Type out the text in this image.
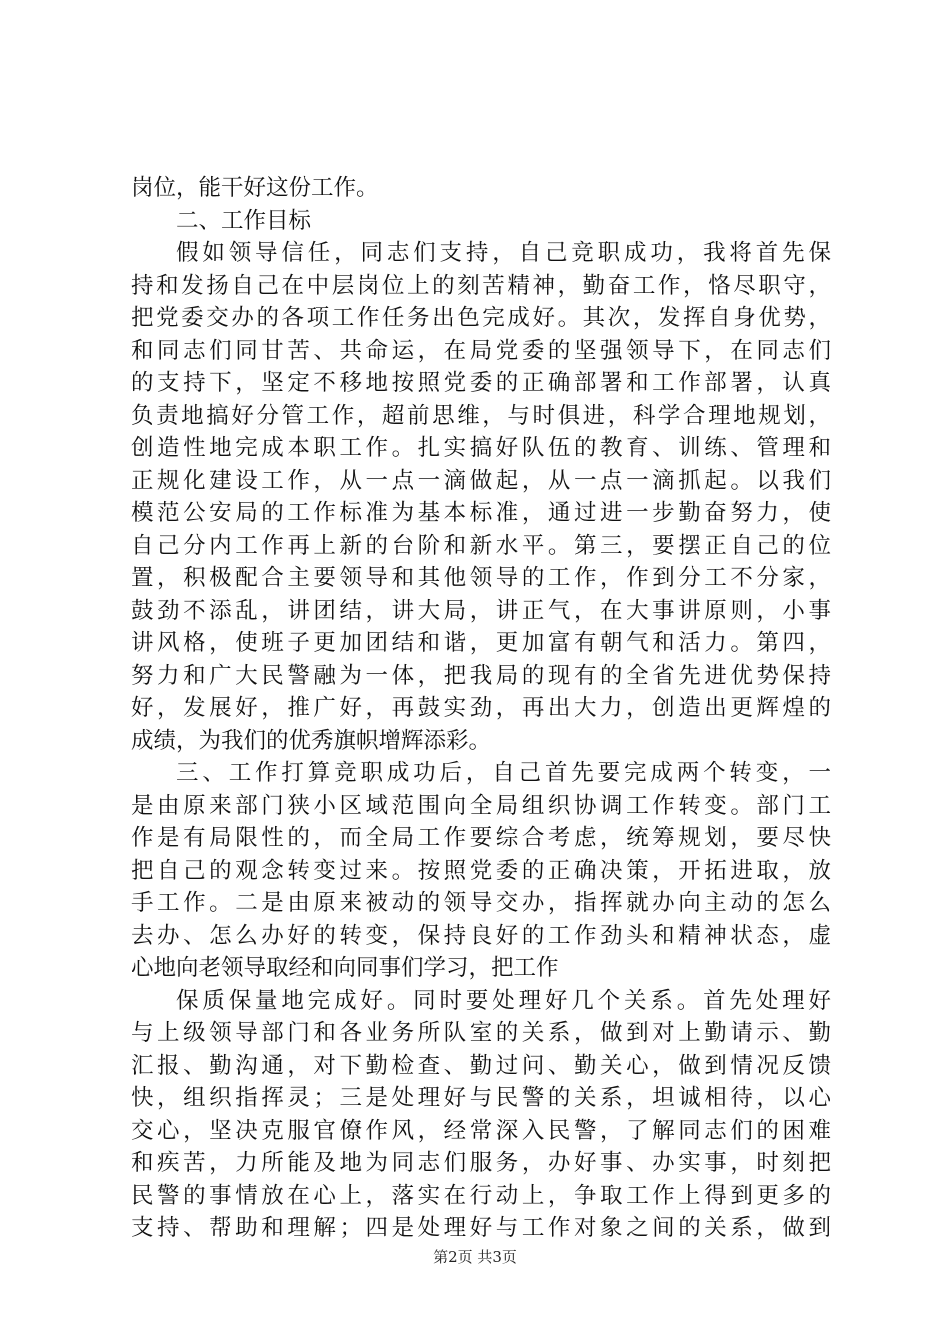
岗位，能干好这份工作。
二、工作目标
假如领导信任，同志们支持，自己竞职成功，我将首先保
持和发扬自己在中层岗位上的刻苦精神，勤奋工作，恪尽职守，
把党委交办的各项工作任务出色完成好。其次，发挥自身优势，
和同志们同甘苦、共命运，在局党委的坚强领导下，在同志们
的支持下，坚定不移地按照党委的正确部署和工作部署，认真
负责地搞好分管工作，超前思维，与时俱进，科学合理地规划，
创造性地完成本职工作。扎实搞好队伍的教育、训练、管理和
正规化建设工作，从一点一滴做起，从一点一滴抓起。以我们
模范公安局的工作标准为基本标准，通过进一步勤奋努力，使
自己分内工作再上新的台阶和新水平。第三，要摆正自己的位
置，积极配合主要领导和其他领导的工作，作到分工不分家，
鼓劲不添乱，讲团结，讲大局，讲正气，在大事讲原则，小事
讲风格，使班子更加团结和谐，更加富有朝气和活力。第四，
努力和广大民警融为一体，把我局的现有的全省先进优势保持
好，发展好，推广好，再鼓实劲，再出大力，创造出更辉煌的
成绩，为我们的优秀旗帜增辉添彩。
三、工作打算竞职成功后，自己首先要完成两个转变，一
是由原来部门狭小区域范围向全局组织协调工作转变。部门工
作是有局限性的，而全局工作要综合考虑，统筹规划，要尽快
把自己的观念转变过来。按照党委的正确决策，开拓进取，放
手工作。二是由原来被动的领导交办，指挥就办向主动的怎么
去办、怎么办好的转变，保持良好的工作劲头和精神状态，虚
心地向老领导取经和向同事们学习，把工作
保质保量地完成好。同时要处理好几个关系。首先处理好
与上级领导部门和各业务所队室的关系，做到对上勤请示、勤
汇报、勤沟通，对下勤检查、勤过问、勤关心，做到情况反馈
快，组织指挥灵；三是处理好与民警的关系，坦诚相待，以心
交心，坚决克服官僚作风，经常深入民警，了解同志们的困难
和疾苦，力所能及地为同志们服务，办好事、办实事，时刻把
民警的事情放在心上，落实在行动上，争取工作上得到更多的
支持、帮助和理解；四是处理好与工作对象之间的关系，做到
第2页 共3页
